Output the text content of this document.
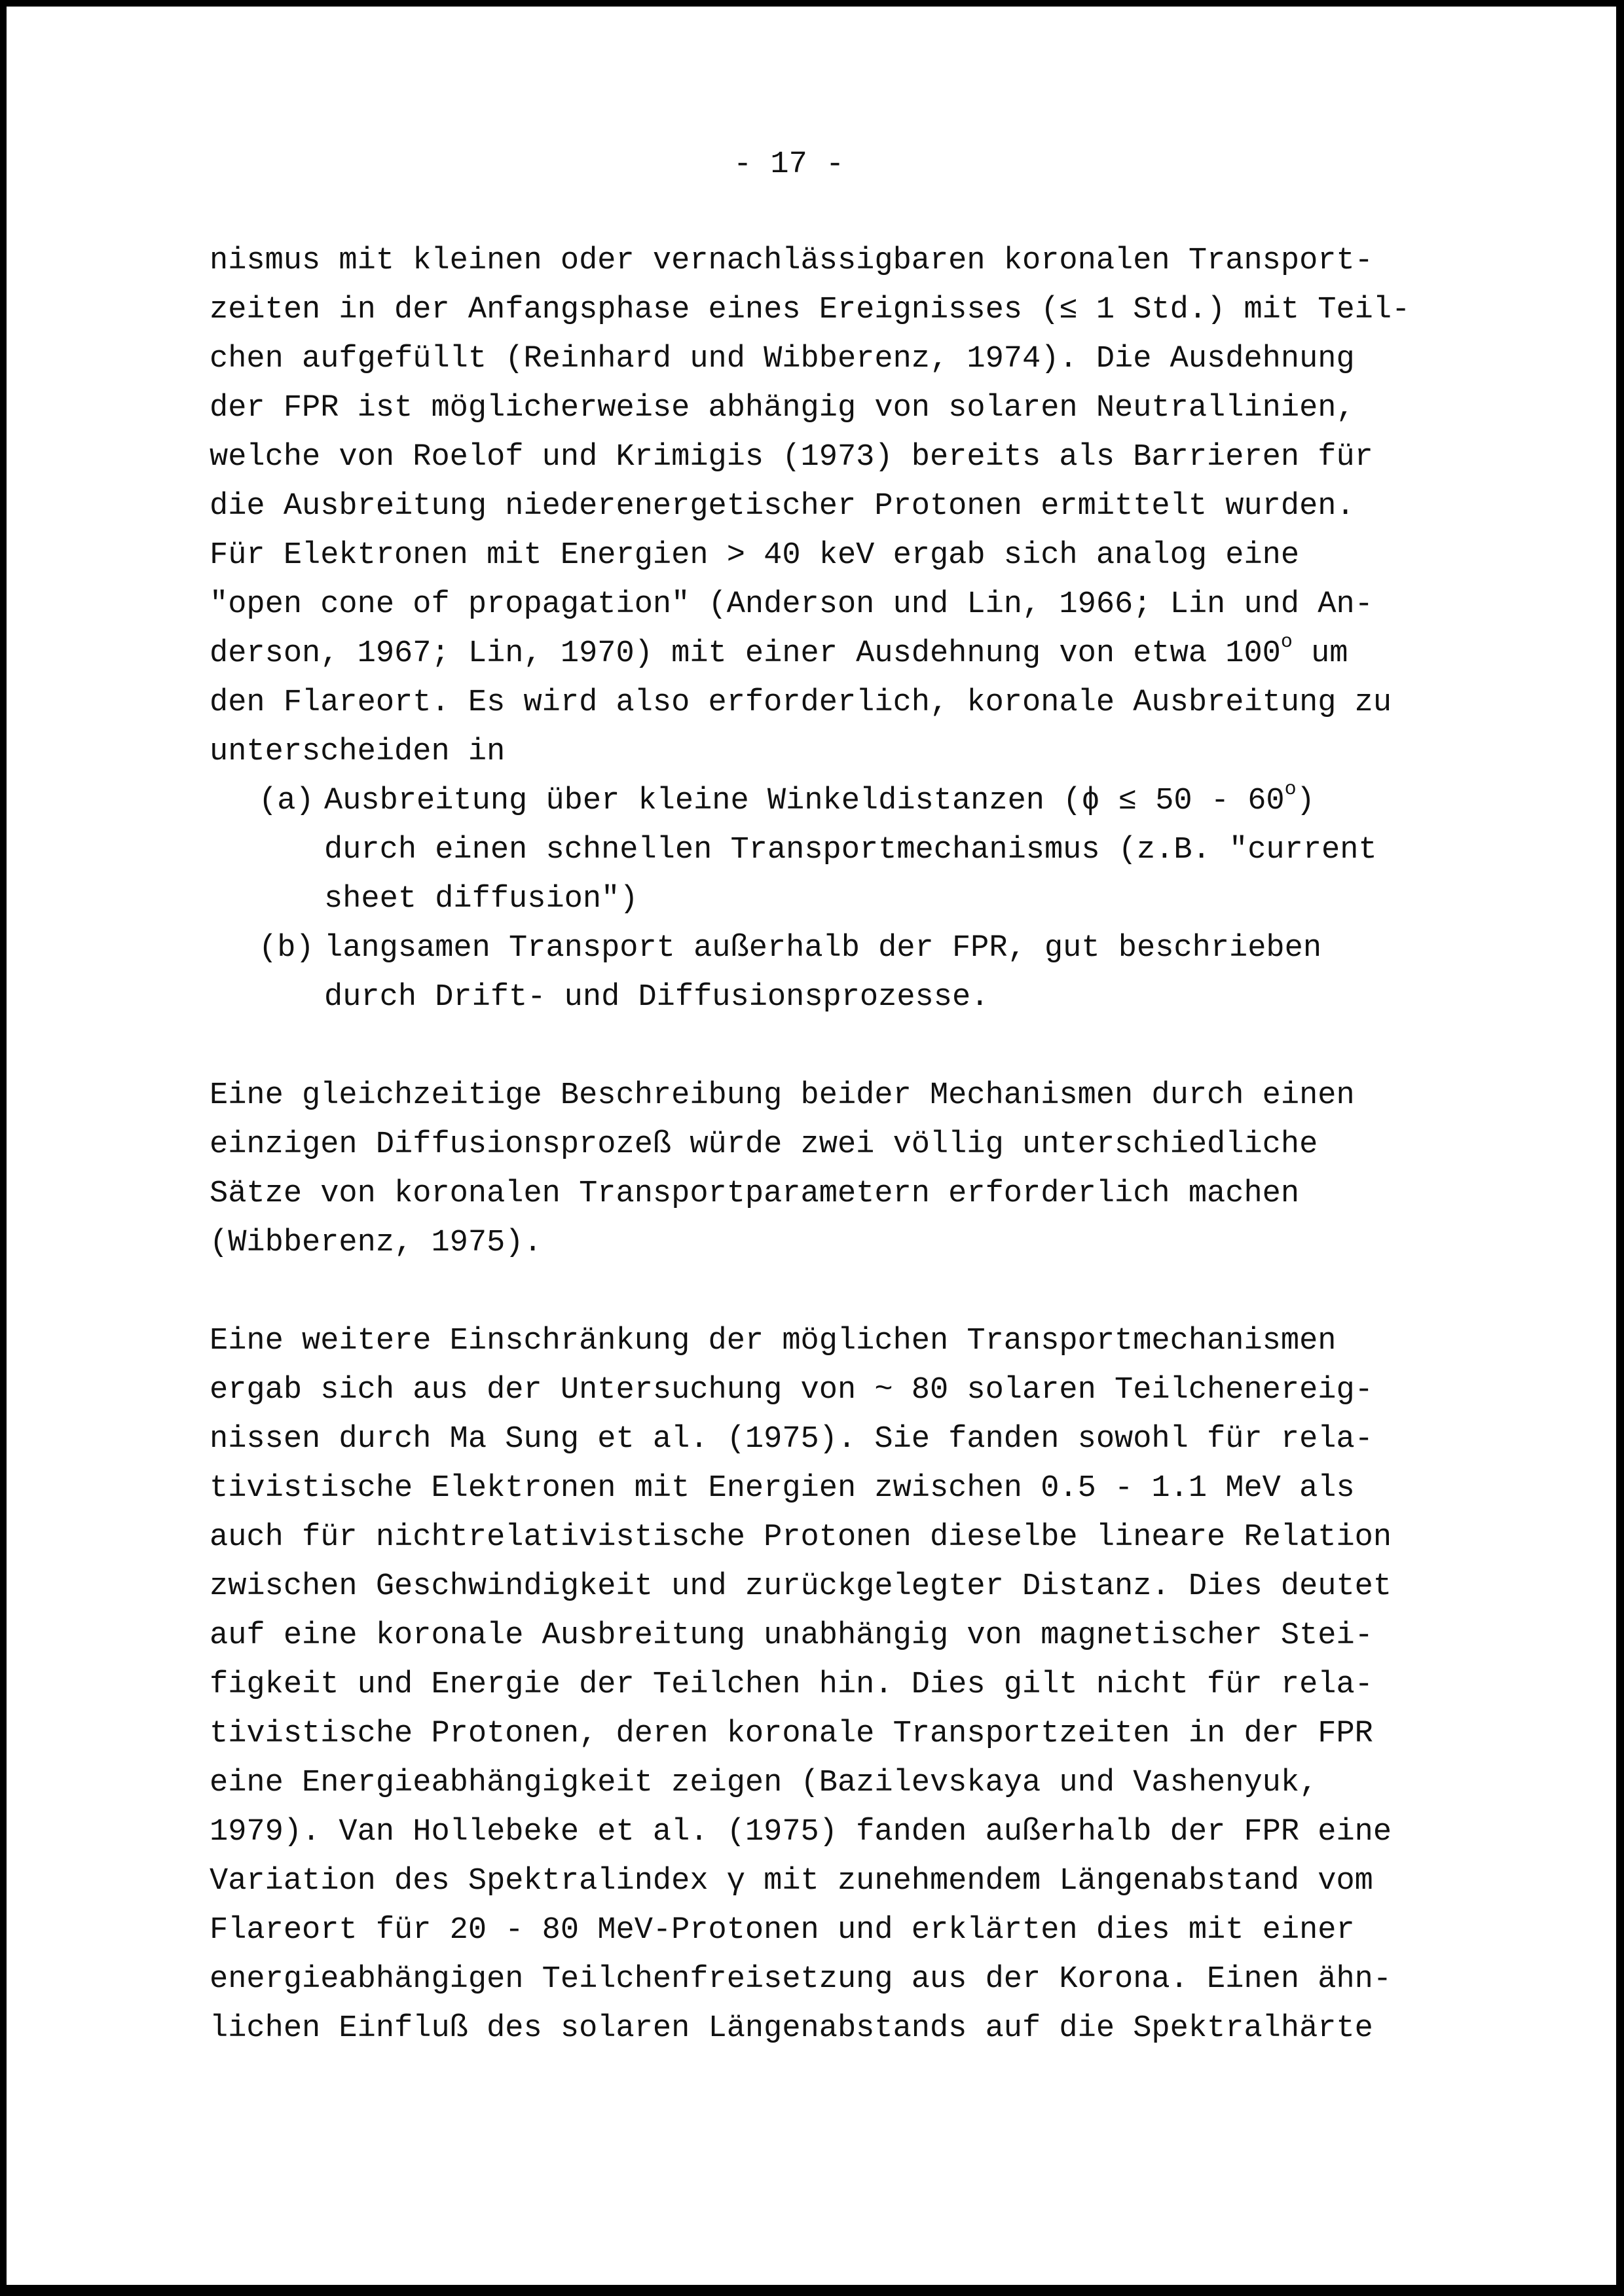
- 17 -
nismus mit kleinen oder vernachlässigbaren koronalen Transport-
zeiten in der Anfangsphase eines Ereignisses (≤ 1 Std.) mit Teil-
chen aufgefüllt (Reinhard und Wibberenz, 1974). Die Ausdehnung
der FPR ist möglicherweise abhängig von solaren Neutrallinien,
welche von Roelof und Krimigis (1973) bereits als Barrieren für
die Ausbreitung niederenergetischer Protonen ermittelt wurden.
Für Elektronen mit Energien > 40 keV ergab sich analog eine
"open cone of propagation" (Anderson und Lin, 1966; Lin und An-
derson, 1967; Lin, 1970) mit einer Ausdehnung von etwa 100$^o$ um
den Flareort. Es wird also erforderlich, koronale Ausbreitung zu
unterscheiden in
(a) Ausbreitung über kleine Winkeldistanzen (ϕ ≤ 50 - 60$^o$)
durch einen schnellen Transportmechanismus (z.B. "current
sheet diffusion")
(b) langsamen Transport außerhalb der FPR, gut beschrieben
durch Drift- und Diffusionsprozesse.
Eine gleichzeitige Beschreibung beider Mechanismen durch einen
einzigen Diffusionsprozeß würde zwei völlig unterschiedliche
Sätze von koronalen Transportparametern erforderlich machen
(Wibberenz, 1975).
Eine weitere Einschränkung der möglichen Transportmechanismen
ergab sich aus der Untersuchung von ~ 80 solaren Teilchenereig-
nissen durch Ma Sung et al. (1975). Sie fanden sowohl für rela-
tivistische Elektronen mit Energien zwischen 0.5 - 1.1 MeV als
auch für nichtrelativistische Protonen dieselbe lineare Relation
zwischen Geschwindigkeit und zurückgelegter Distanz. Dies deutet
auf eine koronale Ausbreitung unabhängig von magnetischer Stei-
figkeit und Energie der Teilchen hin. Dies gilt nicht für rela-
tivistische Protonen, deren koronale Transportzeiten in der FPR
eine Energieabhängigkeit zeigen (Bazilevskaya und Vashenyuk,
1979). Van Hollebeke et al. (1975) fanden außerhalb der FPR eine
Variation des Spektralindex γ mit zunehmendem Längenabstand vom
Flareort für 20 - 80 MeV-Protonen und erklärten dies mit einer
energieabhängigen Teilchenfreisetzung aus der Korona. Einen ähn-
lichen Einfluß des solaren Längenabstands auf die Spektralhärte
